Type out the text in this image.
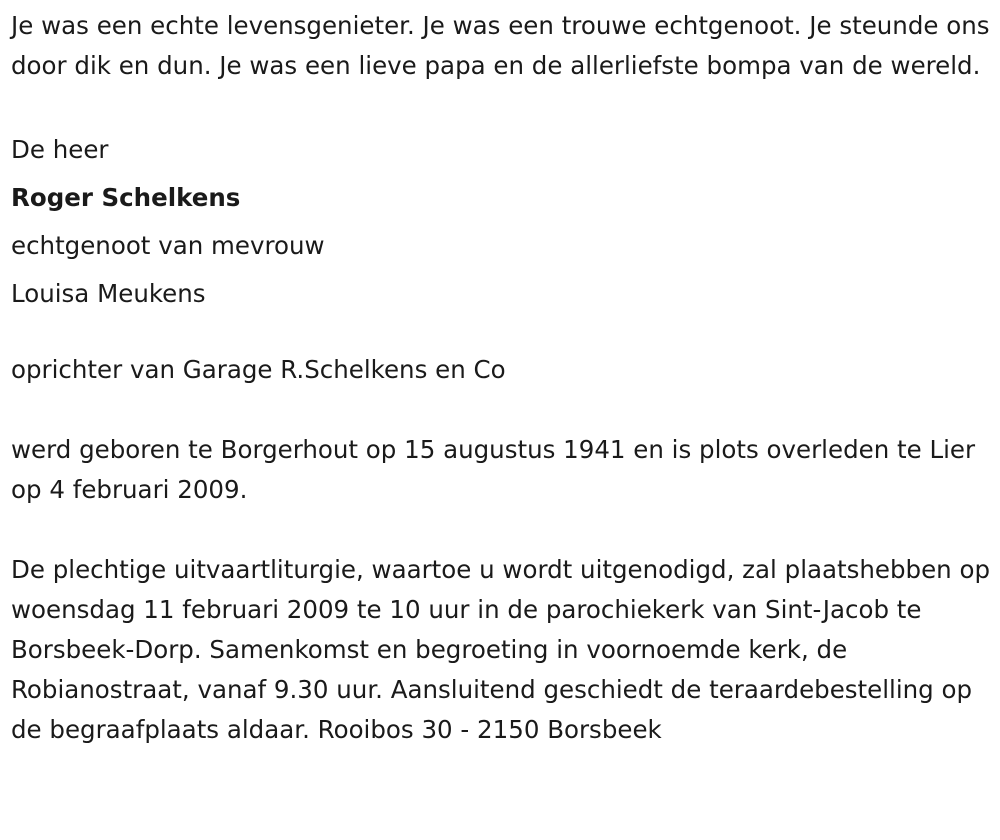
Je was een echte levensgenieter. Je was een trouwe echtgenoot. Je steunde ons door dik en dun. Je was een lieve papa en de allerliefste bompa van de wereld.

De heer
Roger Schelkens
echtgenoot van mevrouw
Louisa Meukens

oprichter van Garage R.Schelkens en Co

werd geboren te Borgerhout op 15 augustus 1941 en is plots overleden te Lier op 4 februari 2009.

De plechtige uitvaartliturgie, waartoe u wordt uitgenodigd, zal plaatshebben op woensdag 11 februari 2009 te 10 uur in de parochiekerk van Sint-Jacob te Borsbeek-Dorp. Samenkomst en begroeting in voornoemde kerk, de Robianostraat, vanaf 9.30 uur. Aansluitend geschiedt de teraardebestelling op de begraafplaats aldaar. Rooibos 30 - 2150 Borsbeek
